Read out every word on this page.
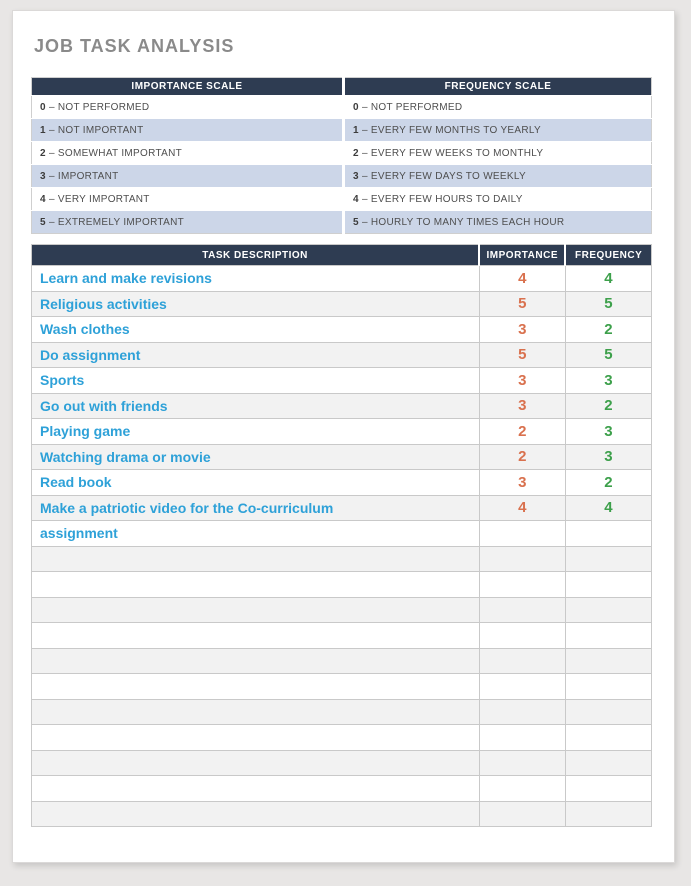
JOB TASK ANALYSIS
IMPORTANCE SCALE	FREQUENCY SCALE
0 – NOT PERFORMED	0 – NOT PERFORMED
1 – NOT IMPORTANT	1 – EVERY FEW MONTHS TO YEARLY
2 – SOMEWHAT IMPORTANT	2 – EVERY FEW WEEKS TO MONTHLY
3 – IMPORTANT	3 – EVERY FEW DAYS TO WEEKLY
4 – VERY IMPORTANT	4 – EVERY FEW HOURS TO DAILY
5 – EXTREMELY IMPORTANT	5 – HOURLY TO MANY TIMES EACH HOUR
TASK DESCRIPTION	IMPORTANCE	FREQUENCY
Learn and make revisions	4	4
Religious activities	5	5
Wash clothes	3	2
Do assignment	5	5
Sports	3	3
Go out with friends	3	2
Playing game	2	3
Watching drama or movie	2	3
Read book	3	2
Make a patriotic video for the Co-curriculum	4	4
assignment		
